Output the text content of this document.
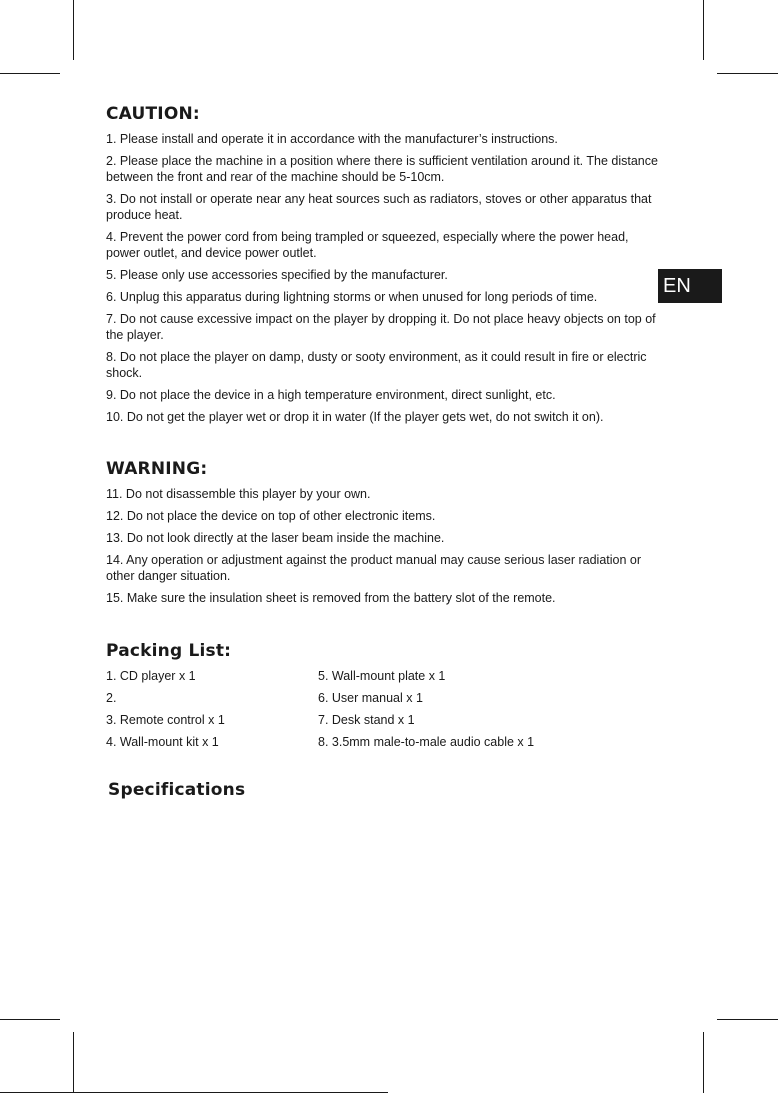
EN
CAUTION:
1. Please install and operate it in accordance with the manufacturer’s instructions.
2. Please place the machine in a position where there is sufficient ventilation around it. The distance between the front and rear of the machine should be 5-10cm.
3. Do not install or operate near any heat sources such as radiators, stoves or other apparatus that produce heat.
4. Prevent the power cord from being trampled or squeezed, especially where the power head, power outlet, and device power outlet.
5. Please only use accessories specified by the manufacturer.
6. Unplug this apparatus during lightning storms or when unused for long periods of time.
7. Do not cause excessive impact on the player by dropping it. Do not place heavy objects on top of the player.
8. Do not place the player on damp, dusty or sooty environment, as it could result in fire or electric shock.
9. Do not place the device in a high temperature environment, direct sunlight, etc.
10. Do not get the player wet or drop it in water (If the player gets wet, do not switch it on).
WARNING:
11. Do not disassemble this player by your own.
12. Do not place the device on top of other electronic items.
13. Do not look directly at the laser beam inside the machine.
14. Any operation or adjustment against the product manual may cause serious laser radiation or other danger situation.
15. Make sure the insulation sheet is removed from the battery slot of the remote.
Packing List:
1. CD player x 1
2.
3. Remote control x 1
4. Wall-mount kit x 1
5. Wall-mount plate x 1
6. User manual x 1
7. Desk stand x 1
8. 3.5mm male-to-male audio cable x 1
Specifications
